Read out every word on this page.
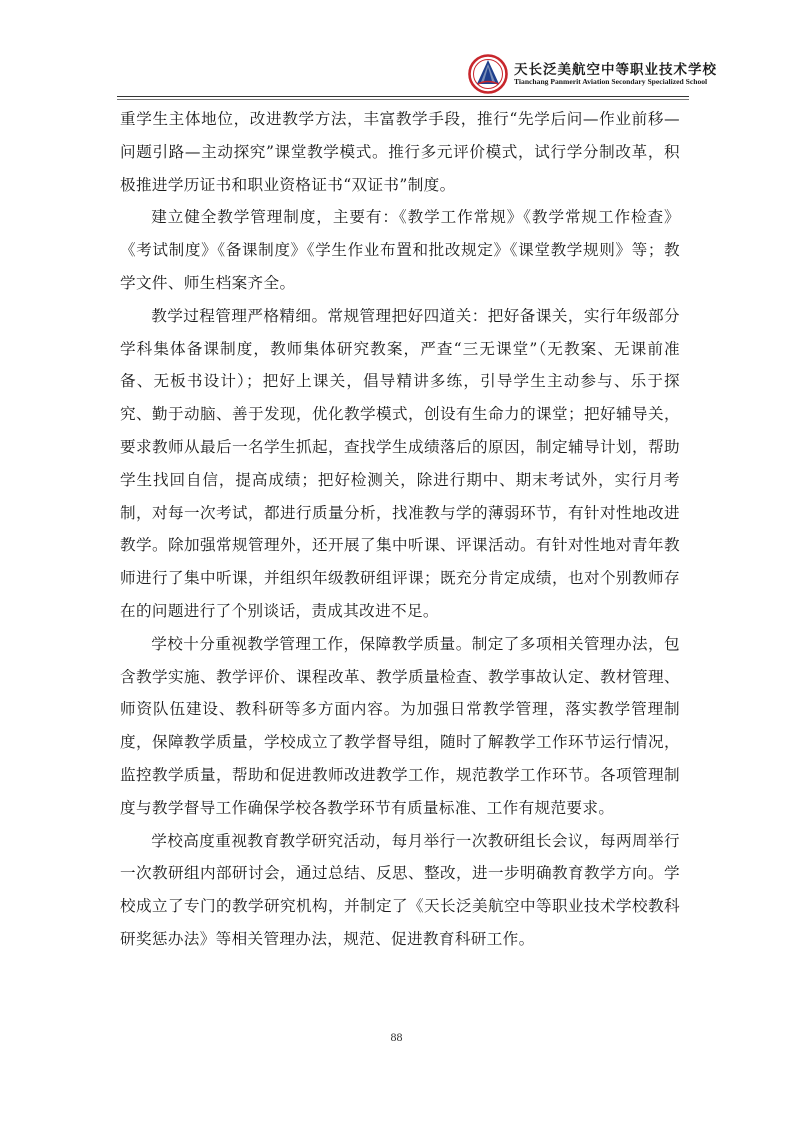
天长泛美航空中等职业技术学校
Tianchang Panmerit Aviation Secondary Specialized School

重学生主体地位，改进教学方法，丰富教学手段，推行“先学后问—作业前移—问题引路—主动探究”课堂教学模式。推行多元评价模式，试行学分制改革，积极推进学历证书和职业资格证书“双证书”制度。

建立健全教学管理制度，主要有：《教学工作常规》《教学常规工作检查》《考试制度》《备课制度》《学生作业布置和批改规定》《课堂教学规则》等；教学文件、师生档案齐全。

教学过程管理严格精细。常规管理把好四道关：把好备课关，实行年级部分学科集体备课制度，教师集体研究教案，严查“三无课堂”（无教案、无课前准备、无板书设计）；把好上课关，倡导精讲多练，引导学生主动参与、乐于探究、勤于动脑、善于发现，优化教学模式，创设有生命力的课堂；把好辅导关，要求教师从最后一名学生抓起，查找学生成绩落后的原因，制定辅导计划，帮助学生找回自信，提高成绩；把好检测关，除进行期中、期末考试外，实行月考制，对每一次考试，都进行质量分析，找准教与学的薄弱环节，有针对性地改进教学。除加强常规管理外，还开展了集中听课、评课活动。有针对性地对青年教师进行了集中听课，并组织年级教研组评课；既充分肯定成绩，也对个别教师存在的问题进行了个别谈话，责成其改进不足。

学校十分重视教学管理工作，保障教学质量。制定了多项相关管理办法，包含教学实施、教学评价、课程改革、教学质量检查、教学事故认定、教材管理、师资队伍建设、教科研等多方面内容。为加强日常教学管理，落实教学管理制度，保障教学质量，学校成立了教学督导组，随时了解教学工作环节运行情况，监控教学质量，帮助和促进教师改进教学工作，规范教学工作环节。各项管理制度与教学督导工作确保学校各教学环节有质量标准、工作有规范要求。

学校高度重视教育教学研究活动，每月举行一次教研组长会议，每两周举行一次教研组内部研讨会，通过总结、反思、整改，进一步明确教育教学方向。学校成立了专门的教学研究机构，并制定了《天长泛美航空中等职业技术学校教科研奖惩办法》等相关管理办法，规范、促进教育科研工作。

88
